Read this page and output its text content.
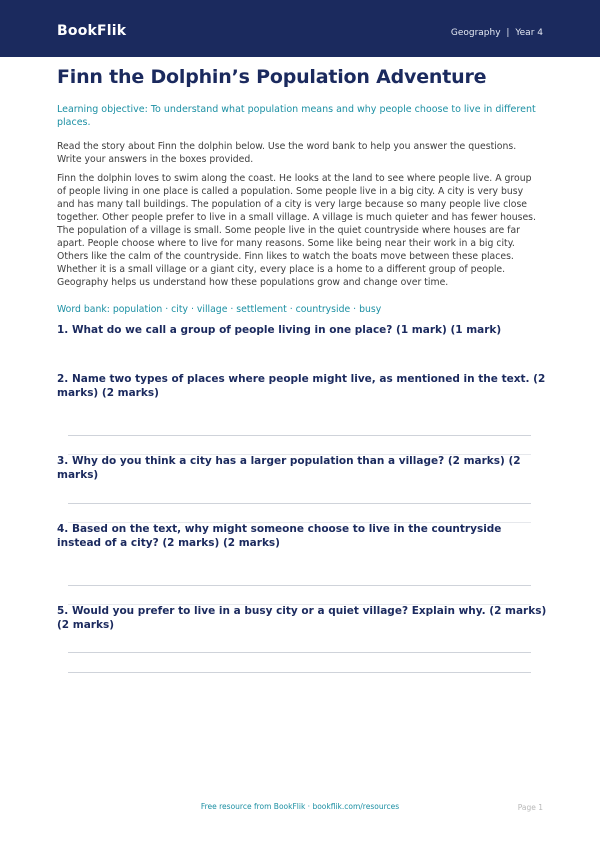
BookFlik	Geography | Year 4
Finn the Dolphin’s Population Adventure
Learning objective: To understand what population means and why people choose to live in different places.
Read the story about Finn the dolphin below. Use the word bank to help you answer the questions. Write your answers in the boxes provided.
Finn the dolphin loves to swim along the coast. He looks at the land to see where people live. A group of people living in one place is called a population. Some people live in a big city. A city is very busy and has many tall buildings. The population of a city is very large because so many people live close together. Other people prefer to live in a small village. A village is much quieter and has fewer houses. The population of a village is small. Some people live in the quiet countryside where houses are far apart. People choose where to live for many reasons. Some like being near their work in a big city. Others like the calm of the countryside. Finn likes to watch the boats move between these places. Whether it is a small village or a giant city, every place is a home to a different group of people. Geography helps us understand how these populations grow and change over time.
Word bank: population · city · village · settlement · countryside · busy
1. What do we call a group of people living in one place? (1 mark) (1 mark)
2. Name two types of places where people might live, as mentioned in the text. (2 marks) (2 marks)
3. Why do you think a city has a larger population than a village? (2 marks) (2 marks)
4. Based on the text, why might someone choose to live in the countryside instead of a city? (2 marks) (2 marks)
5. Would you prefer to live in a busy city or a quiet village? Explain why. (2 marks) (2 marks)
Free resource from BookFlik · bookflik.com/resources	Page 1
